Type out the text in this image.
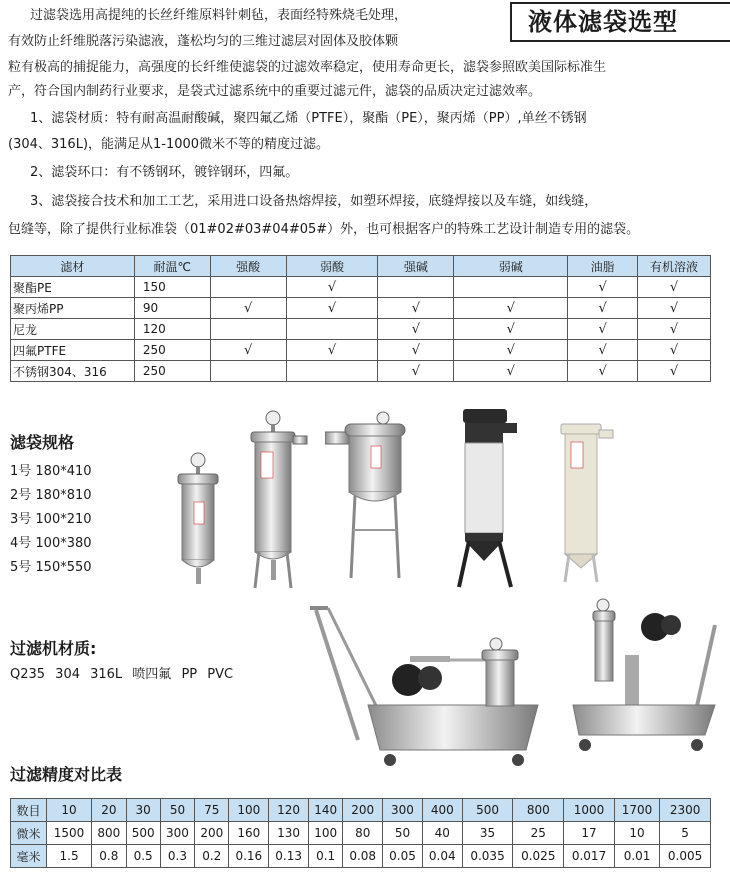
液体滤袋选型
过滤袋选用高提纯的长丝纤维原料针刺毡，表面经特殊烧毛处理，
有效防止纤维脱落污染滤液，蓬松均匀的三维过滤层对固体及胶体颗
粒有极高的捕捉能力，高强度的长纤维使滤袋的过滤效率稳定，使用寿命更长，滤袋参照欧美国际标准生
产，符合国内制药行业要求，是袋式过滤系统中的重要过滤元件，滤袋的品质决定过滤效率。
1、滤袋材质：特有耐高温耐酸碱，聚四氟乙烯（PTFE），聚酯（PE），聚丙烯（PP）,单丝不锈钢
(304、316L)，能满足从1-1000微米不等的精度过滤。
2、滤袋环口：有不锈钢环，镀锌钢环，四氟。
3、滤袋接合技术和加工工艺，采用进口设备热熔焊接，如塑环焊接，底缝焊接以及车缝，如线缝，
包缝等，除了提供行业标准袋（01#02#03#04#05#）外，也可根据客户的特殊工艺设计制造专用的滤袋。
滤材	耐温℃	强酸	弱酸	强碱	弱碱	油脂	有机溶液
聚酯PE	150		√			√	√
聚丙烯PP	90	√	√	√	√	√	√
尼龙	120			√	√	√	√
四氟PTFE	250	√	√	√	√	√	√
不锈钢304、316	250			√	√	√	√
滤袋规格
1号 180*410
2号 180*810
3号 100*210
4号 100*380
5号 150*550
过滤机材质:
Q235 304 316L 喷四氟 PP PVC
过滤精度对比表
数目	10	20	30	50	75	100	120	140	200	300	400	500	800	1000	1700	2300
微米	1500	800	500	300	200	160	130	100	80	50	40	35	25	17	10	5
毫米	1.5	0.8	0.5	0.3	0.2	0.16	0.13	0.1	0.08	0.05	0.04	0.035	0.025	0.017	0.01	0.005
